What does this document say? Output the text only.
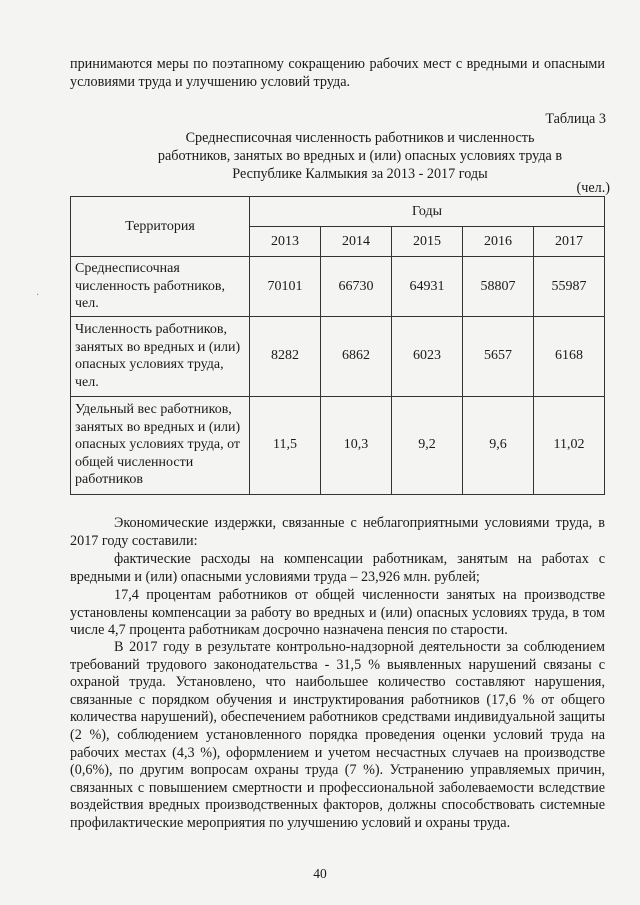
принимаются меры по поэтапному сокращению рабочих мест с вредными и опасными условиями труда и улучшению условий труда.

Таблица 3

Среднесписочная численность работников и численность работников, занятых во вредных и (или) опасных условиях труда в Республике Калмыкия за 2013 - 2017 годы

(чел.)
·
Территория	Годы				
	2013	2014	2015	2016	2017
Среднесписочная численность работников, чел.	70101	66730	64931	58807	55987
Численность работников, занятых во вредных и (или) опасных условиях труда, чел.	8282	6862	6023	5657	6168
Удельный вес работников, занятых во вредных и (или) опасных условиях труда, от общей численности работников	11,5	10,3	9,2	9,6	11,02

Экономические издержки, связанные с неблагоприятными условиями труда, в 2017 году составили:

фактические расходы на компенсации работникам, занятым на работах с вредными и (или) опасными условиями труда – 23,926 млн. рублей;

17,4 процентам работников от общей численности занятых на производстве установлены компенсации за работу во вредных и (или) опасных условиях труда, в том числе 4,7 процента работникам досрочно назначена пенсия по старости.

В 2017 году в результате контрольно-надзорной деятельности за соблюдением требований трудового законодательства - 31,5 % выявленных нарушений связаны с охраной труда. Установлено, что наибольшее количество составляют нарушения, связанные с порядком обучения и инструктирования работников (17,6 % от общего количества нарушений), обеспечением работников средствами индивидуальной защиты (2 %), соблюдением установленного порядка проведения оценки условий труда на рабочих местах (4,3 %), оформлением и учетом несчастных случаев на производстве (0,6%), по другим вопросам охраны труда (7 %). Устранению управляемых причин, связанных с повышением смертности и профессиональной заболеваемости вследствие воздействия вредных производственных факторов, должны способствовать системные профилактические мероприятия по улучшению условий и охраны труда.

40
